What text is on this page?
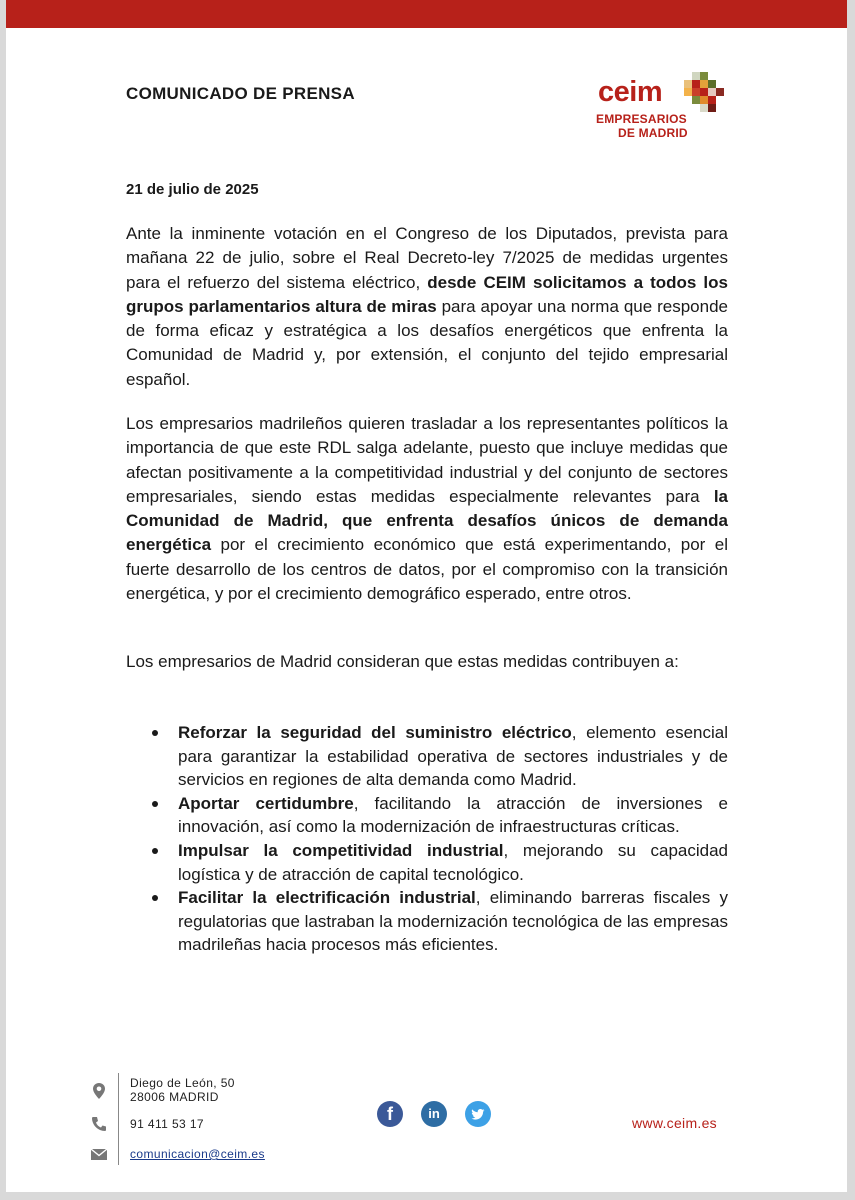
COMUNICADO DE PRENSA	ceim
EMPRESARIOS
DE MADRID
21 de julio de 2025

Ante la inminente votación en el Congreso de los Diputados, prevista para mañana 22 de julio, sobre el Real Decreto-ley 7/2025 de medidas urgentes para el refuerzo del sistema eléctrico, desde CEIM solicitamos a todos los grupos parlamentarios altura de miras para apoyar una norma que responde de forma eficaz y estratégica a los desafíos energéticos que enfrenta la Comunidad de Madrid y, por extensión, el conjunto del tejido empresarial español.

Los empresarios madrileños quieren trasladar a los representantes políticos la importancia de que este RDL salga adelante, puesto que incluye medidas que afectan positivamente a la competitividad industrial y del conjunto de sectores empresariales, siendo estas medidas especialmente relevantes para la Comunidad de Madrid, que enfrenta desafíos únicos de demanda energética por el crecimiento económico que está experimentando, por el fuerte desarrollo de los centros de datos, por el compromiso con la transición energética, y por el crecimiento demográfico esperado, entre otros.

Los empresarios de Madrid consideran que estas medidas contribuyen a:

Reforzar la seguridad del suministro eléctrico, elemento esencial para garantizar la estabilidad operativa de sectores industriales y de servicios en regiones de alta demanda como Madrid.
Aportar certidumbre, facilitando la atracción de inversiones e innovación, así como la modernización de infraestructuras críticas.
Impulsar la competitividad industrial, mejorando su capacidad logística y de atracción de capital tecnológico.
Facilitar la electrificación industrial, eliminando barreras fiscales y regulatorias que lastraban la modernización tecnológica de las empresas madrileñas hacia procesos más eficientes.
Diego de León, 50
28006 MADRID
91 411 53 17
comunicacion@ceim.es
f	in
www.ceim.es
